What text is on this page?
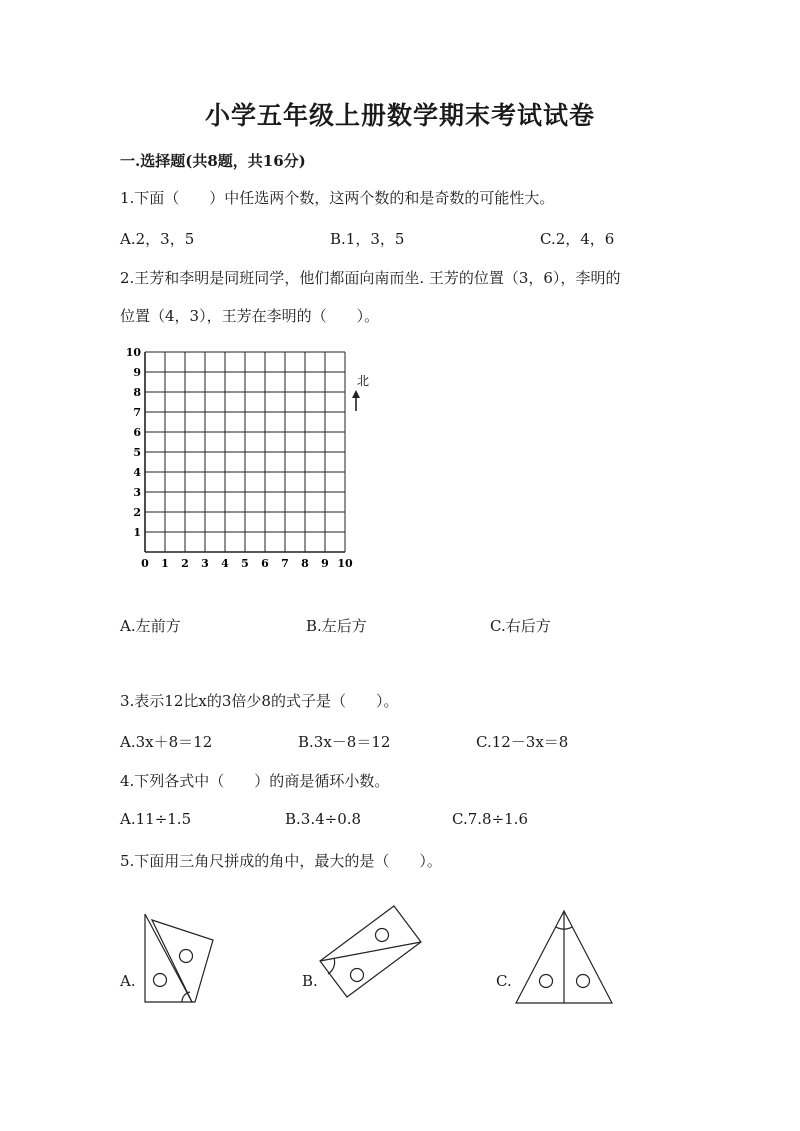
小学五年级上册数学期末考试试卷
一.选择题(共8题，共16分)
1.下面（　　）中任选两个数，这两个数的和是奇数的可能性大。
A.2，3，5	B.1，3，5	C.2，4，6
2.王芳和李明是同班同学，他们都面向南而坐. 王芳的位置（3，6），李明的
位置（4，3），王芳在李明的（　　）。
0 1 2 3 4 5 6 7 8 9 10
1
2
3
4
5
6
7
8
9
10
北
A.左前方	B.左后方	C.右后方
3.表示12比x的3倍少8的式子是（　　）。
A.3x＋8＝12	B.3x－8＝12	C.12－3x＝8
4.下列各式中（　　）的商是循环小数。
A.11÷1.5	B.3.4÷0.8	C.7.8÷1.6
5.下面用三角尺拼成的角中，最大的是（　　）。
A.	B.	C.
